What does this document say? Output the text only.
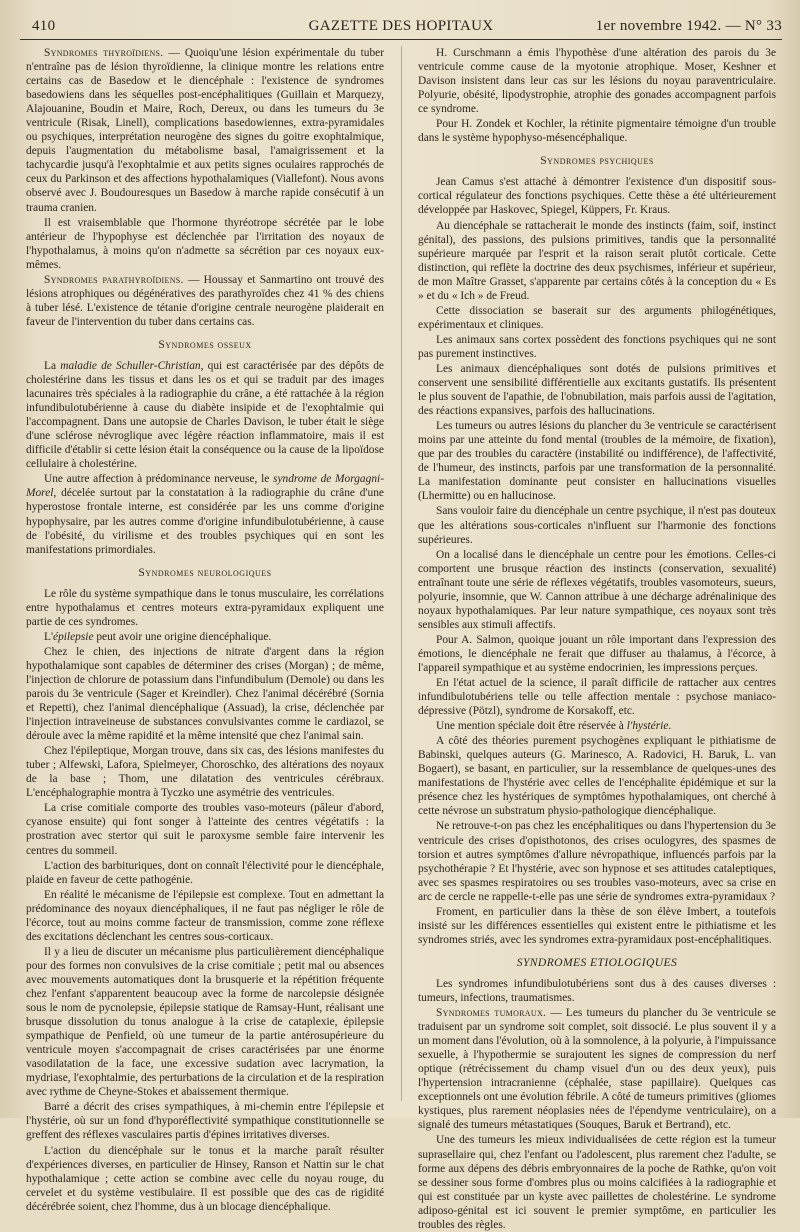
410	GAZETTE DES HOPITAUX	1er novembre 1942. — N° 33

Syndromes thyroïdiens. — Quoiqu'une lésion expérimentale du tuber n'entraîne pas de lésion thyroïdienne, la clinique montre les relations entre certains cas de Basedow et le diencéphale : l'existence de syndromes basedowiens dans les séquelles post-encéphalitiques (Guillain et Marquezy, Alajouanine, Boudin et Maire, Roch, Dereux, ou dans les tumeurs du 3e ventricule (Risak, Linell), complications basedowiennes, extra-pyramidales ou psychiques, interprétation neurogène des signes du goitre exophtalmique, depuis l'augmentation du métabolisme basal, l'amaigrissement et la tachycardie jusqu'à l'exophtalmie et aux petits signes oculaires rapprochés de ceux du Parkinson et des affections hypothalamiques (Viallefont). Nous avons observé avec J. Boudouresques un Basedow à marche rapide consécutif à un trauma cranien.

Il est vraisemblable que l'hormone thyréotrope sécrétée par le lobe antérieur de l'hypophyse est déclenchée par l'irritation des noyaux de l'hypothalamus, à moins qu'on n'admette sa sécrétion par ces noyaux eux-mêmes.

Syndromes parathyroïdiens. — Houssay et Sanmartino ont trouvé des lésions atrophiques ou dégénératives des parathyroïdes chez 41 % des chiens à tuber lésé. L'existence de tétanie d'origine centrale neurogène plaiderait en faveur de l'intervention du tuber dans certains cas.

Syndromes osseux

La maladie de Schuller-Christian, qui est caractérisée par des dépôts de cholestérine dans les tissus et dans les os et qui se traduit par des images lacunaires très spéciales à la radiographie du crâne, a été rattachée à la région infundibulotubérienne à cause du diabète insipide et de l'exophtalmie qui l'accompagnent. Dans une autopsie de Charles Davison, le tuber était le siège d'une sclérose névroglique avec légère réaction inflammatoire, mais il est difficile d'établir si cette lésion était la conséquence ou la cause de la lipoïdose cellulaire à cholestérine.

Une autre affection à prédominance nerveuse, le syndrome de Morgagni-Morel, décelée surtout par la constatation à la radiographie du crâne d'une hyperostose frontale interne, est considérée par les uns comme d'origine hypophysaire, par les autres comme d'origine infundibulotubérienne, à cause de l'obésité, du virilisme et des troubles psychiques qui en sont les manifestations primordiales.

Syndromes neurologiques

Le rôle du système sympathique dans le tonus musculaire, les corrélations entre hypothalamus et centres moteurs extra-pyramidaux expliquent une partie de ces syndromes.

L'épilepsie peut avoir une origine diencéphalique.

Chez le chien, des injections de nitrate d'argent dans la région hypothalamique sont capables de déterminer des crises (Morgan) ; de même, l'injection de chlorure de potassium dans l'infundibulum (Demole) ou dans les parois du 3e ventricule (Sager et Kreindler). Chez l'animal décérébré (Sornia et Repetti), chez l'animal diencéphalique (Assuad), la crise, déclenchée par l'injection intraveineuse de substances convulsivantes comme le cardiazol, se déroule avec la même rapidité et la même intensité que chez l'animal sain.

Chez l'épileptique, Morgan trouve, dans six cas, des lésions manifestes du tuber ; Alfewski, Lafora, Spielmeyer, Choroschko, des altérations des noyaux de la base ; Thom, une dilatation des ventricules cérébraux. L'encéphalographie montra à Tyczko une asymétrie des ventricules.

La crise comitiale comporte des troubles vaso-moteurs (pâleur d'abord, cyanose ensuite) qui font songer à l'atteinte des centres végétatifs : la prostration avec stertor qui suit le paroxysme semble faire intervenir les centres du sommeil.

L'action des barbituriques, dont on connaît l'électivité pour le diencéphale, plaide en faveur de cette pathogénie.

En réalité le mécanisme de l'épilepsie est complexe. Tout en admettant la prédominance des noyaux diencéphaliques, il ne faut pas négliger le rôle de l'écorce, tout au moins comme facteur de transmission, comme zone réflexe des excitations déclenchant les centres sous-corticaux.

Il y a lieu de discuter un mécanisme plus particulièrement diencéphalique pour des formes non convulsives de la crise comitiale ; petit mal ou absences avec mouvements automatiques dont la brusquerie et la répétition fréquente chez l'enfant s'apparentent beaucoup avec la forme de narcolepsie désignée sous le nom de pycnolepsie, épilepsie statique de Ramsay-Hunt, réalisant une brusque dissolution du tonus analogue à la crise de cataplexie, épilepsie sympathique de Penfield, où une tumeur de la partie antérosupérieure du ventricule moyen s'accompagnait de crises caractérisées par une énorme vasodilatation de la face, une excessive sudation avec lacrymation, la mydriase, l'exophtalmie, des perturbations de la circulation et de la respiration avec rythme de Cheyne-Stokes et abaissement thermique.

Barré a décrit des crises sympathiques, à mi-chemin entre l'épilepsie et l'hystérie, où sur un fond d'hyporéflectivité sympathique constitutionnelle se greffent des réflexes vasculaires partis d'épines irritatives diverses.

L'action du diencéphale sur le tonus et la marche paraît résulter d'expériences diverses, en particulier de Hinsey, Ranson et Nattin sur le chat hypothalamique ; cette action se combine avec celle du noyau rouge, du cervelet et du système vestibulaire. Il est possible que des cas de rigidité décérébrée soient, chez l'homme, dus à un blocage diencéphalique.

H. Curschmann a émis l'hypothèse d'une altération des parois du 3e ventricule comme cause de la myotonie atrophique. Moser, Keshner et Davison insistent dans leur cas sur les lésions du noyau paraventriculaire. Polyurie, obésité, lipodystrophie, atrophie des gonades accompagnent parfois ce syndrome.

Pour H. Zondek et Kochler, la rétinite pigmentaire témoigne d'un trouble dans le système hypophyso-mésencéphalique.

Syndromes psychiques

Jean Camus s'est attaché à démontrer l'existence d'un dispositif sous-cortical régulateur des fonctions psychiques. Cette thèse a été ultérieurement développée par Haskovec, Spiegel, Küppers, Fr. Kraus.

Au diencéphale se rattacherait le monde des instincts (faim, soif, instinct génital), des passions, des pulsions primitives, tandis que la personnalité supérieure marquée par l'esprit et la raison serait plutôt corticale. Cette distinction, qui reflète la doctrine des deux psychismes, inférieur et supérieur, de mon Maître Grasset, s'apparente par certains côtés à la conception du « Es » et du « Ich » de Freud.

Cette dissociation se baserait sur des arguments philogénétiques, expérimentaux et cliniques.

Les animaux sans cortex possèdent des fonctions psychiques qui ne sont pas purement instinctives.

Les animaux diencéphaliques sont dotés de pulsions primitives et conservent une sensibilité différentielle aux excitants gustatifs. Ils présentent le plus souvent de l'apathie, de l'obnubilation, mais parfois aussi de l'agitation, des réactions expansives, parfois des hallucinations.

Les tumeurs ou autres lésions du plancher du 3e ventricule se caractérisent moins par une atteinte du fond mental (troubles de la mémoire, de fixation), que par des troubles du caractère (instabilité ou indifférence), de l'affectivité, de l'humeur, des instincts, parfois par une transformation de la personnalité. La manifestation dominante peut consister en hallucinations visuelles (Lhermitte) ou en hallucinose.

Sans vouloir faire du diencéphale un centre psychique, il n'est pas douteux que les altérations sous-corticales n'influent sur l'harmonie des fonctions supérieures.

On a localisé dans le diencéphale un centre pour les émotions. Celles-ci comportent une brusque réaction des instincts (conservation, sexualité) entraînant toute une série de réflexes végétatifs, troubles vasomoteurs, sueurs, polyurie, insomnie, que W. Cannon attribue à une décharge adrénalinique des noyaux hypothalamiques. Par leur nature sympathique, ces noyaux sont très sensibles aux stimuli affectifs.

Pour A. Salmon, quoique jouant un rôle important dans l'expression des émotions, le diencéphale ne ferait que diffuser au thalamus, à l'écorce, à l'appareil sympathique et au système endocrinien, les impressions perçues.

En l'état actuel de la science, il paraît difficile de rattacher aux centres infundibulotubériens telle ou telle affection mentale : psychose maniaco-dépressive (Pötzl), syndrome de Korsakoff, etc.

Une mention spéciale doit être réservée à l'hystérie.

A côté des théories purement psychogènes expliquant le pithiatisme de Babinski, quelques auteurs (G. Marinesco, A. Radovici, H. Baruk, L. van Bogaert), se basant, en particulier, sur la ressemblance de quelques-unes des manifestations de l'hystérie avec celles de l'encéphalite épidémique et sur la présence chez les hystériques de symptômes hypothalamiques, ont cherché à cette névrose un substratum physio-pathologique diencéphalique.

Ne retrouve-t-on pas chez les encéphalitiques ou dans l'hypertension du 3e ventricule des crises d'opisthotonos, des crises oculogyres, des spasmes de torsion et autres symptômes d'allure névropathique, influencés parfois par la psychothérapie ? Et l'hystérie, avec son hypnose et ses attitudes cataleptiques, avec ses spasmes respiratoires ou ses troubles vaso-moteurs, avec sa crise en arc de cercle ne rappelle-t-elle pas une série de syndromes extra-pyramidaux ?

Froment, en particulier dans la thèse de son élève Imbert, a toutefois insisté sur les différences essentielles qui existent entre le pithiatisme et les syndromes striés, avec les syndromes extra-pyramidaux post-encéphalitiques.

SYNDROMES ETIOLOGIQUES

Les syndromes infundibulotubériens sont dus à des causes diverses : tumeurs, infections, traumatismes.

Syndromes tumoraux. — Les tumeurs du plancher du 3e ventricule se traduisent par un syndrome soit complet, soit dissocié. Le plus souvent il y a un moment dans l'évolution, où à la somnolence, à la polyurie, à l'impuissance sexuelle, à l'hypothermie se surajoutent les signes de compression du nerf optique (rétrécissement du champ visuel d'un ou des deux yeux), puis l'hypertension intracranienne (céphalée, stase papillaire). Quelques cas exceptionnels ont une évolution fébrile. A côté de tumeurs primitives (gliomes kystiques, plus rarement néoplasies nées de l'épendyme ventriculaire), on a signalé des tumeurs métastatiques (Souques, Baruk et Bertrand), etc.

Une des tumeurs les mieux individualisées de cette région est la tumeur suprasellaire qui, chez l'enfant ou l'adolescent, plus rarement chez l'adulte, se forme aux dépens des débris embryonnaires de la poche de Rathke, qu'on voit se dessiner sous forme d'ombres plus ou moins calcifiées à la radiographie et qui est constituée par un kyste avec paillettes de cholestérine. Le syndrome adiposo-génital est ici souvent le premier symptôme, en particulier les troubles des règles.
